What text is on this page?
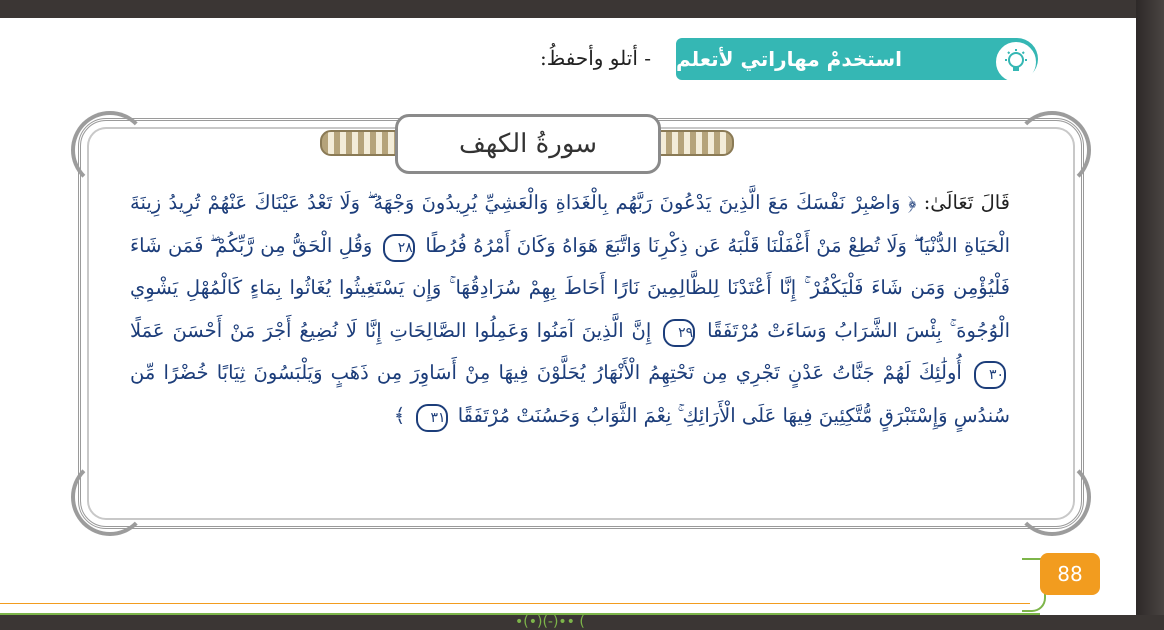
استخدمْ مهاراتي لأتعلم
- أتلو وأحفظُ:
سورةُ الكهف
قَالَ تَعَالَىٰ: ﴿ وَاصْبِرْ نَفْسَكَ مَعَ الَّذِينَ يَدْعُونَ رَبَّهُم بِالْغَدَاةِ وَالْعَشِيِّ يُرِيدُونَ وَجْهَهُ ۖ وَلَا تَعْدُ عَيْنَاكَ عَنْهُمْ تُرِيدُ زِينَةَ الْحَيَاةِ الدُّنْيَا ۖ وَلَا تُطِعْ مَنْ أَغْفَلْنَا قَلْبَهُ عَن ذِكْرِنَا وَاتَّبَعَ هَوَاهُ وَكَانَ أَمْرُهُ فُرُطًا ٢٨ وَقُلِ الْحَقُّ مِن رَّبِّكُمْ ۖ فَمَن شَاءَ فَلْيُؤْمِن وَمَن شَاءَ فَلْيَكْفُرْ ۚ إِنَّا أَعْتَدْنَا لِلظَّالِمِينَ نَارًا أَحَاطَ بِهِمْ سُرَادِقُهَا ۚ وَإِن يَسْتَغِيثُوا يُغَاثُوا بِمَاءٍ كَالْمُهْلِ يَشْوِي الْوُجُوهَ ۚ بِئْسَ الشَّرَابُ وَسَاءَتْ مُرْتَفَقًا ٢٩ إِنَّ الَّذِينَ آمَنُوا وَعَمِلُوا الصَّالِحَاتِ إِنَّا لَا نُضِيعُ أَجْرَ مَنْ أَحْسَنَ عَمَلًا ٣٠ أُولَٰئِكَ لَهُمْ جَنَّاتُ عَدْنٍ تَجْرِي مِن تَحْتِهِمُ الْأَنْهَارُ يُحَلَّوْنَ فِيهَا مِنْ أَسَاوِرَ مِن ذَهَبٍ وَيَلْبَسُونَ ثِيَابًا خُضْرًا مِّن سُندُسٍ وَإِسْتَبْرَقٍ مُّتَّكِئِينَ فِيهَا عَلَى الْأَرَائِكِ ۚ نِعْمَ الثَّوَابُ وَحَسُنَتْ مُرْتَفَقًا ٣١ ﴾
88
•(•)(-)•• (
